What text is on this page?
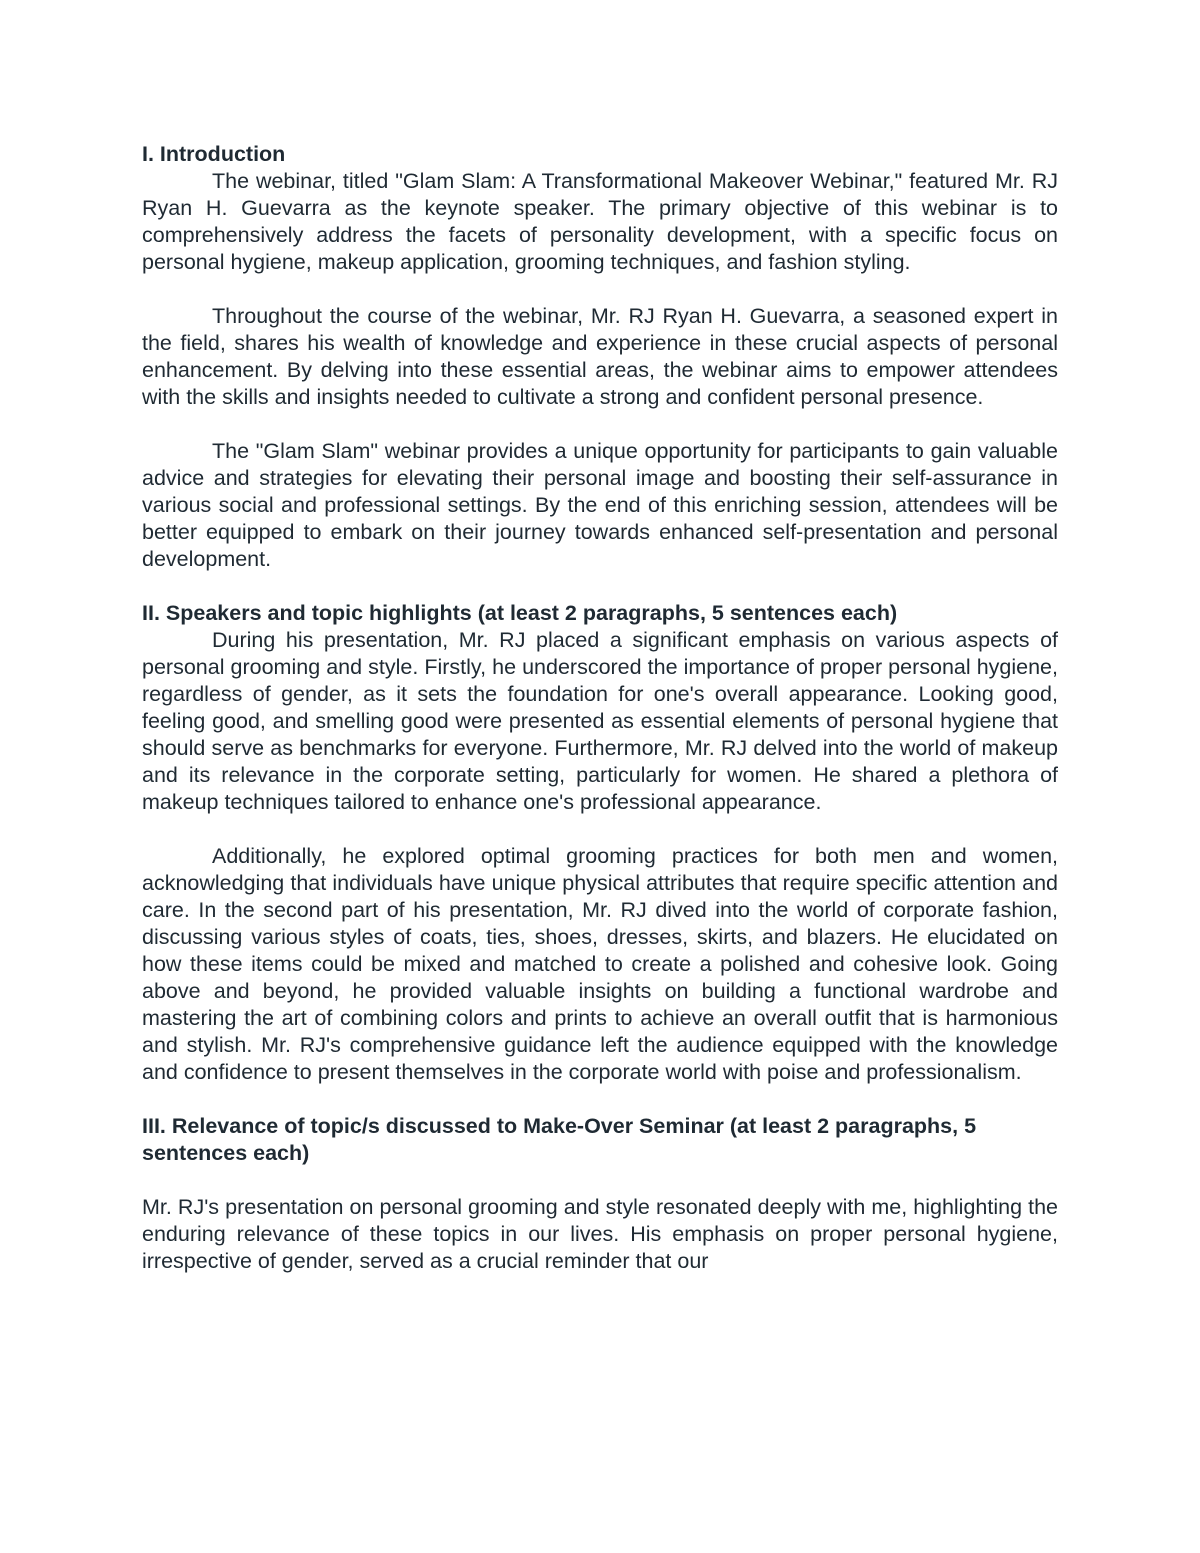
I. Introduction

The webinar, titled "Glam Slam: A Transformational Makeover Webinar," featured Mr. RJ Ryan H. Guevarra as the keynote speaker. The primary objective of this webinar is to comprehensively address the facets of personality development, with a specific focus on personal hygiene, makeup application, grooming techniques, and fashion styling.

Throughout the course of the webinar, Mr. RJ Ryan H. Guevarra, a seasoned expert in the field, shares his wealth of knowledge and experience in these crucial aspects of personal enhancement. By delving into these essential areas, the webinar aims to empower attendees with the skills and insights needed to cultivate a strong and confident personal presence.

The "Glam Slam" webinar provides a unique opportunity for participants to gain valuable advice and strategies for elevating their personal image and boosting their self-assurance in various social and professional settings. By the end of this enriching session, attendees will be better equipped to embark on their journey towards enhanced self-presentation and personal development.

II. Speakers and topic highlights (at least 2 paragraphs, 5 sentences each)

During his presentation, Mr. RJ placed a significant emphasis on various aspects of personal grooming and style. Firstly, he underscored the importance of proper personal hygiene, regardless of gender, as it sets the foundation for one's overall appearance. Looking good, feeling good, and smelling good were presented as essential elements of personal hygiene that should serve as benchmarks for everyone. Furthermore, Mr. RJ delved into the world of makeup and its relevance in the corporate setting, particularly for women. He shared a plethora of makeup techniques tailored to enhance one's professional appearance.

Additionally, he explored optimal grooming practices for both men and women, acknowledging that individuals have unique physical attributes that require specific attention and care. In the second part of his presentation, Mr. RJ dived into the world of corporate fashion, discussing various styles of coats, ties, shoes, dresses, skirts, and blazers. He elucidated on how these items could be mixed and matched to create a polished and cohesive look. Going above and beyond, he provided valuable insights on building a functional wardrobe and mastering the art of combining colors and prints to achieve an overall outfit that is harmonious and stylish. Mr. RJ's comprehensive guidance left the audience equipped with the knowledge and confidence to present themselves in the corporate world with poise and professionalism.

III. Relevance of topic/s discussed to Make-Over Seminar (at least 2 paragraphs, 5 sentences each)

Mr. RJ's presentation on personal grooming and style resonated deeply with me, highlighting the enduring relevance of these topics in our lives. His emphasis on proper personal hygiene, irrespective of gender, served as a crucial reminder that our
